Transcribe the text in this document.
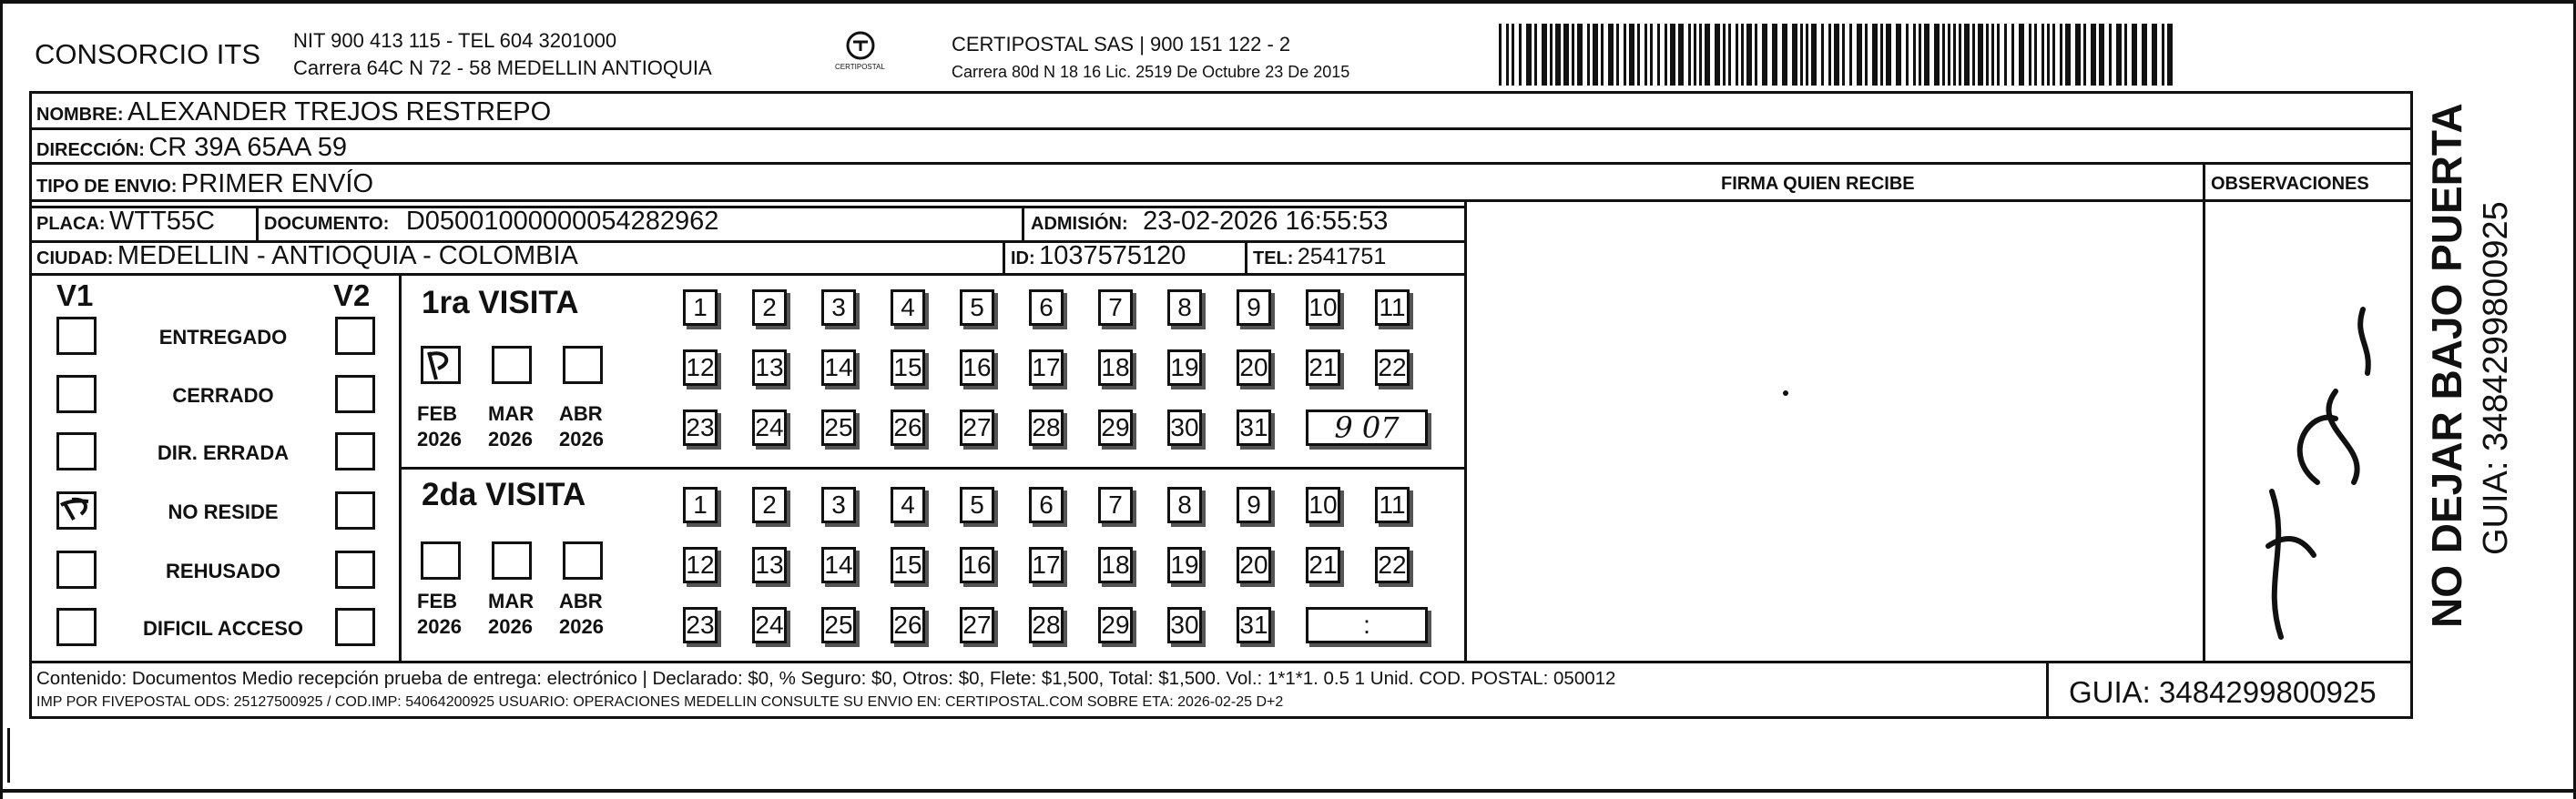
CONSORCIO ITS NIT 900 413 115 - TEL 604 3201000
Carrera 64C N 72 - 58 MEDELLIN ANTIOQUIA	CERTIPOSTAL
CERTIPOSTAL SAS | 900 151 122 - 2
Carrera 80d N 18 16 Lic. 2519 De Octubre 23 De 2015
NOMBRE: ALEXANDER TREJOS RESTREPO
DIRECCIÓN: CR 39A 65AA 59
TIPO DE ENVIO: PRIMER ENVÍO	FIRMA QUIEN RECIBE	OBSERVACIONES
PLACA: WTT55C	DOCUMENTO: D05001000000054282962	ADMISIÓN: 23-02-2026 16:55:53
CIUDAD: MEDELLIN - ANTIOQUIA - COLOMBIA	ID: 1037575120	TEL: 2541751
V1	V2
ENTREGADO
CERRADO
DIR. ERRADA
NO RESIDE
REHUSADO
DIFICIL ACCESO
1ra VISITA
2da VISITA
FEB
2026
MAR
2026
ABR
2026
1	2	3	4	5	6	7	8	9	10 11
12 13 14 15 16 17 18 19 20 21 22
23 24 25 26 27 28 29 30 31	9 07
FEB
2026
MAR
2026
ABR
2026
1	2	3	4	5	6	7	8	9	10 11
12 13 14 15 16 17 18 19 20 21 22
23 24 25 26 27 28 29 30 31	:
Contenido: Documentos Medio recepción prueba de entrega: electrónico | Declarado: $0, % Seguro: $0, Otros: $0, Flete: $1,500, Total: $1,500. Vol.: 1*1*1. 0.5 1 Unid. COD. POSTAL: 050012
IMP POR FIVEPOSTAL ODS: 25127500925 / COD.IMP: 54064200925 USUARIO: OPERACIONES MEDELLIN CONSULTE SU ENVIO EN: CERTIPOSTAL.COM SOBRE ETA: 2026-02-25 D+2	GUIA: 3484299800925
NO DEJAR BAJO PUERTA GUIA: 3484299800925
